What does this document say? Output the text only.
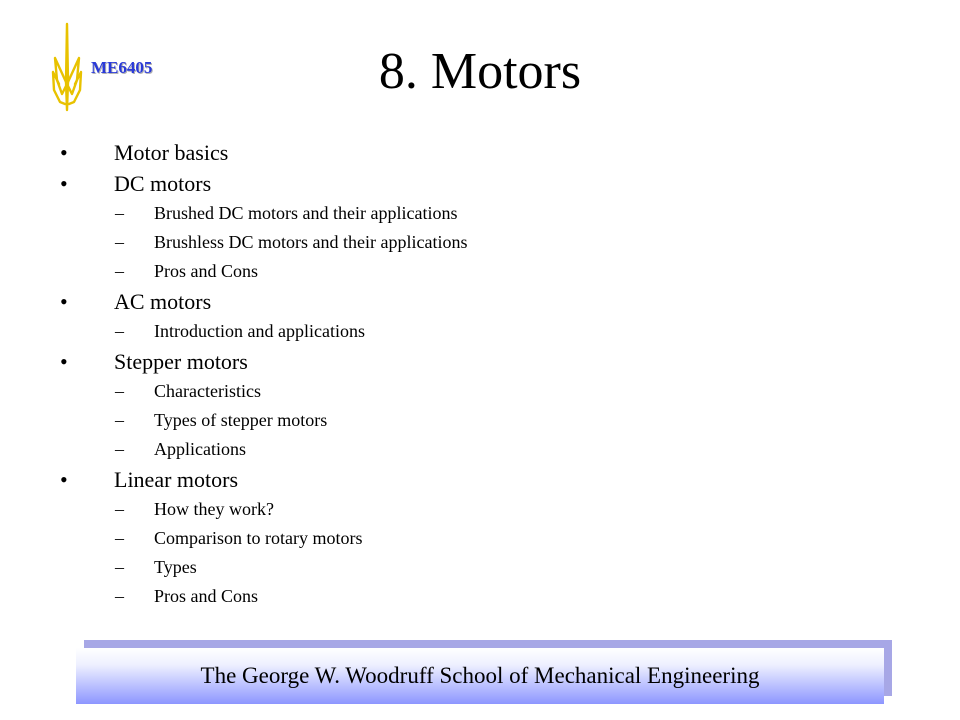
ME6405	8. Motors
• Motor basics
• DC motors
– Brushed DC motors and their applications
– Brushless DC motors and their applications
– Pros and Cons
• AC motors
– Introduction and applications
• Stepper motors
– Characteristics
– Types of stepper motors
– Applications
• Linear motors
– How they work?
– Comparison to rotary motors
– Types
– Pros and Cons
The George W. Woodruff School of Mechanical Engineering
